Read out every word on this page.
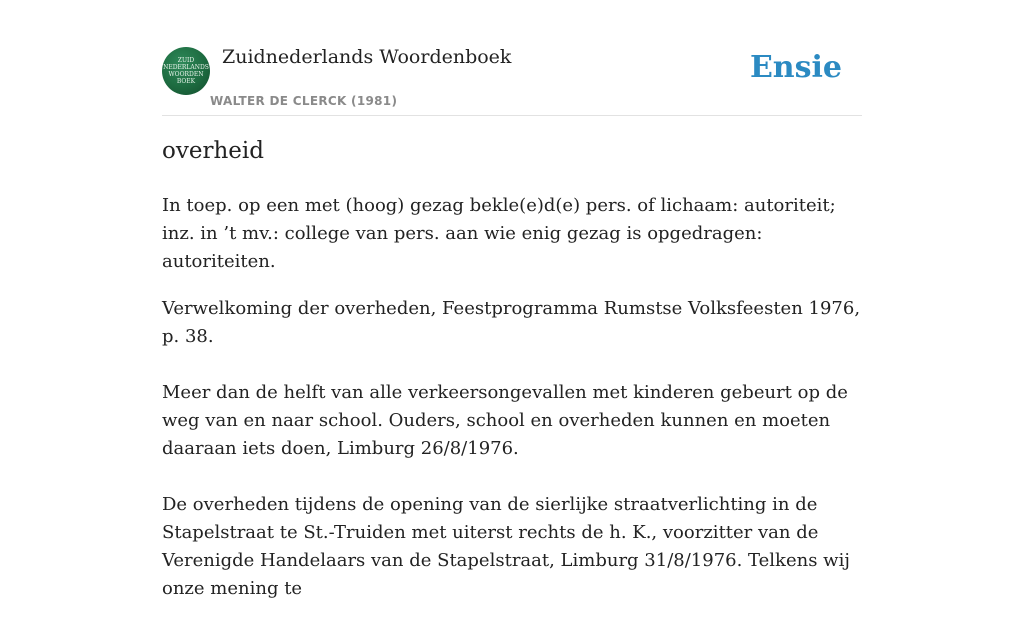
ZUID
NEDERLANDS
WOORDEN
BOEK
Zuidnederlands Woordenboek
WALTER DE CLERCK (1981)
Ensie
overheid

In toep. op een met (hoog) gezag bekle(e)d(e) pers. of lichaam: autoriteit; inz. in ’t mv.: college van pers. aan wie enig gezag is opgedragen: autoriteiten.

Verwelkoming der overheden, Feestprogramma Rumstse Volksfeesten 1976, p. 38.

Meer dan de helft van alle verkeersongevallen met kinderen gebeurt op de weg van en naar school. Ouders, school en overheden kunnen en moeten daaraan iets doen, Limburg 26/8/1976.

De overheden tijdens de opening van de sierlijke straatverlichting in de Stapelstraat te St.-Truiden met uiterst rechts de h. K., voorzitter van de Verenigde Handelaars van de Stapelstraat, Limburg 31/8/1976. Telkens wij onze mening te
